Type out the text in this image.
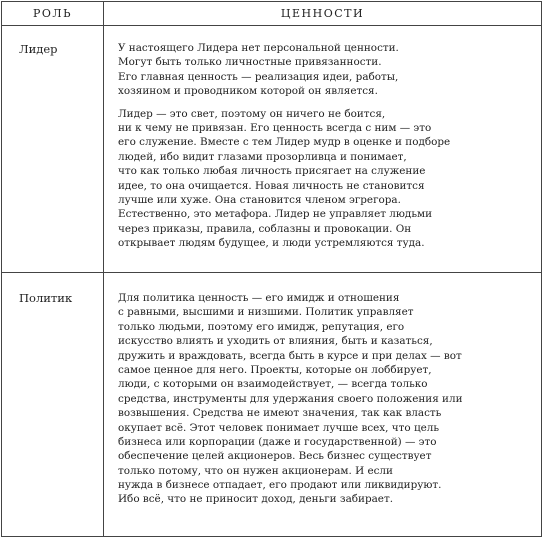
РОЛЬ	ЦЕННОСТИ
Лидер	У настоящего Лидера нет персональной ценности.
Могут быть только личностные привязанности.
Его главная ценность — реализация идеи, работы,
хозяином и проводником которой он является.
Лидер — это свет, поэтому он ничего не боится,
ни к чему не привязан. Его ценность всегда с ним — это
его служение. Вместе с тем Лидер мудр в оценке и подборе
людей, ибо видит глазами прозорливца и понимает,
что как только любая личность присягает на служение
идее, то она очищается. Новая личность не становится
лучше или хуже. Она становится членом эгрегора.
Естественно, это метафора. Лидер не управляет людьми
через приказы, правила, соблазны и провокации. Он
открывает людям будущее, и люди устремляются туда.
Политик	Для политика ценность — его имидж и отношения
с равными, высшими и низшими. Политик управляет
только людьми, поэтому его имидж, репутация, его
искусство влиять и уходить от влияния, быть и казаться,
дружить и враждовать, всегда быть в курсе и при делах — вот
самое ценное для него. Проекты, которые он лоббирует,
люди, с которыми он взаимодействует, — всегда только
средства, инструменты для удержания своего положения или
возвышения. Средства не имеют значения, так как власть
окупает всё. Этот человек понимает лучше всех, что цель
бизнеса или корпорации (даже и государственной) — это
обеспечение целей акционеров. Весь бизнес существует
только потому, что он нужен акционерам. И если
нужда в бизнесе отпадает, его продают или ликвидируют.
Ибо всё, что не приносит доход, деньги забирает.
